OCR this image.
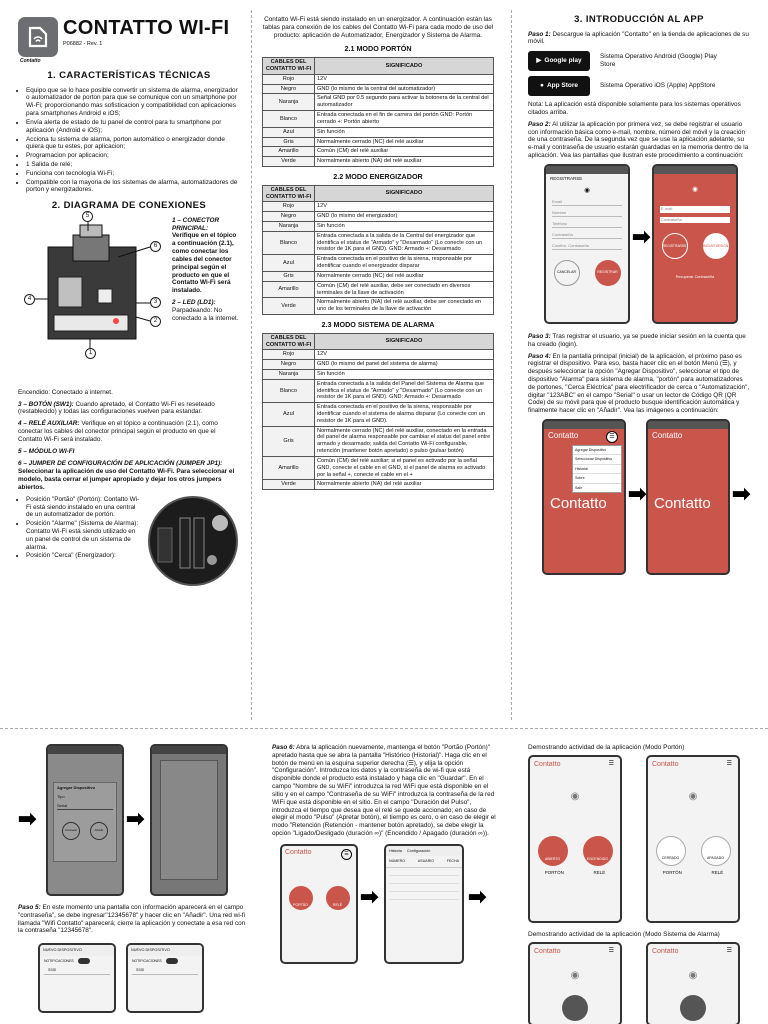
CONTATTO WI-FI
P06882 - Rev. 1
Contatto
1. CARACTERÍSTICAS TÉCNICAS
• Equipo que se lo hace posible convertir un sistema de alarma, energizador o automatizador de porton para que se comunique con un smartphone por Wi-Fi; proporcionando mas sofisticacion y compatibilidad con aplicaciones para smartphones Android e iOS;
• Envía alerta de estado de tu panel de control para tu smartphone por aplicación (Android e iOS);
• Acciona tu sistema de alarma, porton automático o energizador donde quiera que tu estes, por aplicacion;
• Programacion por aplicacion;
• 1 Salida de relé;
• Funciona con tecnología Wi-Fi;
• Compatible con la mayoria de los sistemas de alarma, automatizadores de porton y energizadores.
2. DIAGRAMA DE CONEXIONES
5
6
4	3
2
1
1 – CONECTOR PRINCIPAL:

Verifique en el tópico a continuación (2.1), como conectar los cables del conector principal según el producto en que el Contatto Wi-Fi será instalado.

2 – LED (LD1):

Parpadeando: No conectado a la internet.

Encendido: Conectado a internet.

3 – BOTÓN (SW1): Cuando apretado, el Contatto Wi-Fi es reseteado (restablecido) y todas las configuraciones vuelven para estandar.

4 – RELÉ AUXILIAR: Verifique en el tópico a continuación (2.1), como conectar los cables del conector principal según el producto en que el Contatto Wi-Fi será instalado.

5 – MÓDULO WI-FI

6 – JUMPER DE CONFIGURACIÓN DE APLICACIÓN (JUMPER JP1):

Seleccionar la aplicación de uso del Contatto Wi-Fi. Para seleccionar el modelo, basta cerrar el jumper apropiado y dejar los otros jumpers abiertos.

• Posición "Portão" (Portón): Contatto Wi-Fi está siendo instalado en una central de un automatizador de portón.
• Posición "Alarme" (Sistema de Alarma): Contatto Wi-Fi está siendo utilizado en un panel de control de un sistema de alarma.
• Posición "Cerca" (Energizador):

Contatto Wi-Fi está siendo instalado en un energizador. A continuación están las tablas para conexión de los cables del Contatto Wi-Fi para cada modo de uso del producto: aplicación de Automatizador, Energizador y Sistema de Alarma.

2.1 MODO PORTÓN
CABLES DEL CONTATTO WI-FI	SIGNIFICADO
Rojo	12V
Negro	GND (lo mismo de la central del automatizador)
Naranja	Señal GND por 0.5 segundo para activar la botonera de la central del automatizador
Blanco	Entrada conectada en el fin de carrera del portón GND: Portón cerrado +: Portón abierto
Azul	Sin función
Gris	Normalmente cerrado (NC) del relé auxiliar
Amarillo	Común (CM) del relé auxiliar
Verde	Normalmente abierto (NA) del relé auxiliar
2.2 MODO ENERGIZADOR
CABLES DEL CONTATTO WI-FI	SIGNIFICADO
Rojo	12V
Negro	GND (lo mismo del energizador)
Naranja	Sin función
Blanco	Entrada conectada a la salida de la Central del energizador que identifica el status de "Armado" y "Desarmado" (Lo conecte con un resistor de 1K para el GND). GND: Armado +: Desarmado
Azul	Entrada conectada en el positivo de la sirena, responsable por identificar cuando el energizador disparar
Gris	Normalmente cerrado (NC) del relé auxiliar
Amarillo	Común (CM) del relé auxiliar, debe ser conectado en diversos terminales de la llave de activación
Verde	Normalmente abierto (NA) del relé auxiliar, debe ser conectado en uno de los terminales de la llave de activación
2.3 MODO SISTEMA DE ALARMA
CABLES DEL CONTATTO WI-FI	SIGNIFICADO
Rojo	12V
Negro	GND (lo mismo del panel del sistema de alarma)
Naranja	Sin función
Blanco	Entrada conectada a la salida del Panel del Sistema de Alarma que identifica el status de "Armado" y "Desarmado" (Lo conecte con un resistor de 1K para el GND). GND: Armado +: Desarmado
Azul	Entrada conectada en el positivo de la sirena, responsable por identificar cuando el sistema de alarma disparar (Lo conecte con un resistor de 1K para el GND).
Gris	Normalmente cerrado (NC) del relé auxiliar, conectado en la entrada del panel de alarma responsable por cambiar el status del panel entre armado y desarmado; salida del Contatto Wi-Fi configurable, retención (mantener botón apretado) o pulso (pulsar botón)
Amarillo	Común (CM) del relé auxiliar; si el panel es activado por la señal GND, conecte el cable en el GND, si el panel de alarma es activado por la señal +, conecte el cable en el +
Verde	Normalmente abierto (NA) del relé auxiliar
3. INTRODUCCIÓN AL APP

Paso 1: Descargue la aplicación "Contatto" en la tienda de aplicaciones de su móvil.

▶ Google play
Sistema Operativo Android (Google) Play Store
● App Store	Sistema Operativo iOS (Apple) AppStore

Nota: La aplicación está disponible solamente para los sistemas operativos citados arriba.

Paso 2: Al utilizar la aplicación por primera vez, se debe registrar el usuario con información básica como e-mail, nombre, número del móvil y la creación de una contraseña. De la segunda vez que se use la aplicación adelante, su e-mail y contraseña de usuario estarán guardadas en la memoria dentro de la aplicación. Vea las pantallas que ilustran este procedimiento a continuación:

REGISTRARSE
◉
Email
Nombre
Teléfono
Contraseña
Confirm. Contraseña
CANCELAR	REGISTRAR
➡
◉
E-mail
Contraseña
REGISTRARSE	INICIAR SESIÓN
Recuperar Contraseña

Paso 3: Tras registrar el usuario, ya se puede iniciar sesión en la cuenta que ha creado (login).

Paso 4: En la pantalla principal (inicial) de la aplicación, el próximo paso es registrar el dispositivo. Para eso, basta hacer clic en el botón Menú (☰), y después seleccionar la opción "Agregar Dispositivo", seleccionar el tipo de dispositivo "Alarma" para sistema de alarma, "portón" para automatizadores de portones, "Cerca Eléctrica" para electrificador de cerca o "Automatización", digitar "123ABC" en el campo "Serial" o usar un lector de Código QR (QR Code) de su móvil para que el producto busque identificación automática y finalmente hacer clic en "Añadir". Vea las imágenes a continuación:

Contatto	☰
Agregar Dispositivo
Seleccionar Dispositivo
Historial
Sobre
Salir
Contatto ➡
Contatto
Contatto ➡
➡
Agregar Dispositivo
Tipo
Serial
Cancelar	Añadir ➡

Paso 5: En este momento una pantalla con información aparecerá en el campo "contraseña", se debe ingresar"12345678" y hacer clic en "Añadir". Una red wi-fi llamada "Wifi Contatto" aparecerá; cierre la aplicación y conectate a esa red con la contraseña "12345678".

NUEVO DISPOSITIVO
NOTIFICACIONES
SSID
NUEVO DISPOSITIVO
NOTIFICACIONES
SSID

Paso 6: Abra la aplicación nuevamente, mantenga el botón "Portão (Portón)" apretado hasta que se abra la pantalla "Histórico (Historial)". Haga clic en el botón de menú en la esquina superior derecha (☰), y elija la opción "Configuración". Introduzca los datos y la contraseña de wi-fi que está disponible donde el producto está instalado y haga clic en "Guardar". En el campo "Nombre de su WiFi" introduzca la red WiFi que está disponible en el sitio y en el campo "Contraseña de su WiFi" introduzca la contraseña de la red WiFi que está disponible en el sitio. En el campo "Duración del Pulso", introduzca el tiempo que desea que el relé se quede accionado; en caso de elegir el modo "Pulso" (Apretar botón), el tiempo es cero, o en caso de elegir el modo "Retención (Retención - mantener botón apretado), se debe elegir la opción "Ligado/Desligado (duración ∞)" (Encendido / Apagado (duración ∞)).

Contatto	☰
PORTÃO	RELÉ ➡
Historia Configuración
NÚMERO	USUARIO	FECHA
➡
Demostrando actividad de la aplicación (Modo Portón)
Contatto	☰
◉
ABIERTO	ENCENDIDO
PORTÓN	RELÉ
Contatto	☰
◉
CERRADO	APAGADO
PORTÓN	RELÉ
Demostrando actividad de la aplicación (Modo Sistema de Alarma)
Contatto	☰
◉
Contatto	☰
◉
